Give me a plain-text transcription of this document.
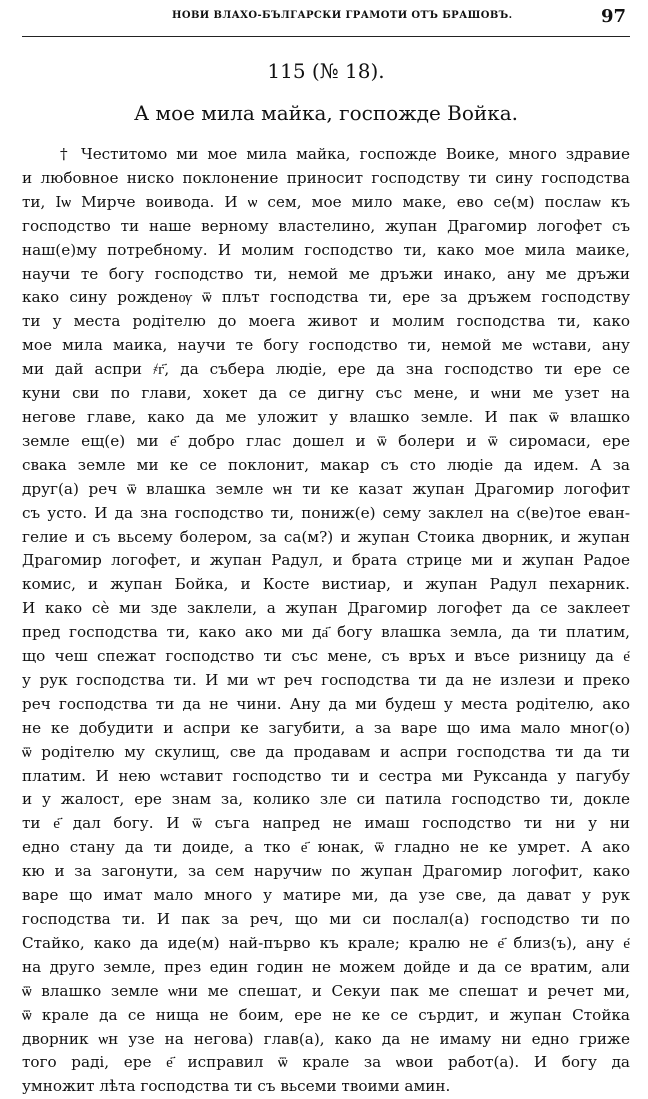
НОВИ ВЛАХО-БЪЛГАРСКИ ГРАМОТИ ОТЪ БРАШОВЪ.	97
115 (№ 18).
А мое мила майка, госпожде Войка.
† Честитомо ми мое мила майка, госпожде Воике, много здравие
и любовное ниско поклонение приносит господству ти сину господства
ти, Іѡ Мирче воивода. И ѡ сем, мое мило маке, ево се(м) послаѡ къ
господство ти наше верному властелино, жупан Драгомир логофет съ
наш(е)му потребному. И молим господство ти, како мое мила маике,
научи те богу господство ти, немой ме дръжи инако, ану ме дръжи
како сину рожденѹ ѿ плът господства ти, ере за дръжем господству
ти у места родітелю до моега живот и молим господства ти, како
мое мила маика, научи те богу господство ти, немой ме ѡстави, ану
ми дай аспри ҂г҃, да събера людіе, ере да зна господство ти ере се
куни сви по глави, хокет да се дигну със мене, и ѡни ме узет на
негове главе, како да ме уложит у влашко земле. И пак ѿ влашко
земле ещ(е) ми е҃ добро глас дошел и ѿ болери и ѿ сиромаси, ере
свака земле ми ке се поклонит, макар съ сто людіе да идем. А за
друг(а) реч ѿ влашка земле ѡн ти ке казат жупан Драгомир логофит
съ усто. И да зна господство ти, пониж(е) сему заклел на с(ве)тое еван-
гелие и съ вьсему болером, за са(м?) и жупан Стоика дворник, и жупан
Драгомир логофет, и жупан Радул, и брата стрице ми и жупан Радое
комис, и жупан Бойка, и Косте вистиар, и жупан Радул пехарник.
И како сѐ ми зде заклели, а жупан Драгомир логофет да се заклеет
пред господства ти, како ако ми да҃ богу влашка земла, да ти платим,
що чеш спежат господство ти със мене, съ връх и въсе ризницу да е҃
у рук господства ти. И ми ѡт реч господства ти да не излези и преко
реч господства ти да не чини. Ану да ми будеш у места родітелю, ако
не ке добудити и аспри ке загубити, а за варе що има мало мног(о)
ѿ родітелю му скулищ, све да продавам и аспри господства ти да ти
платим. И нею ѡставит господство ти и сестра ми Руксанда у пагубу
и у жалост, ере знам за, колико зле си патила господство ти, докле
ти е҃ дал богу. И ѿ съга напред не имаш господство ти ни у ни
едно стану да ти доиде, а тко е҃ юнак, ѿ гладно не ке умрет. А ако
кю и за загонути, за сем наручиѡ по жупан Драгомир логофит, како
варе що имат мало много у матире ми, да узе све, да дават у рук
господства ти. И пак за реч, що ми си послал(а) господство ти по
Стайко, како да иде(м) най-първо къ крале; кралю не е҃ близ(ъ), ану е҃
на друго земле, през един годин не можем дойде и да се вратим, али
ѿ влашко земле ѡни ме спешат, и Секуи пак ме спешат и речет ми,
ѿ крале да се нища не боим, ере не ке се сърдит, и жупан Стойка
дворник ѡн узе на негова) глав(а), како да не имаму ни едно грижe
того раді, ере е҃ исправил ѿ крале за ѡвои работ(а). И богу да
умножит лѣта господства ти съ вьсеми твоими амин.
